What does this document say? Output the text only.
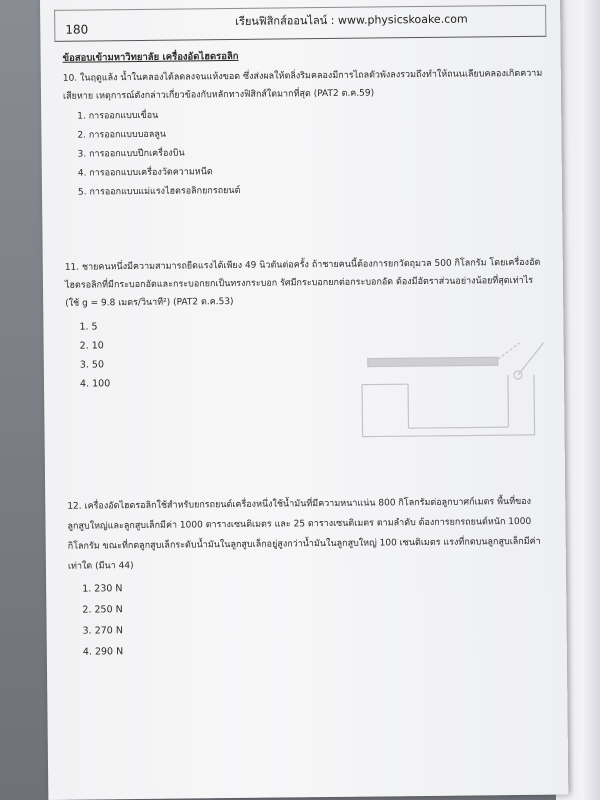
180
เรียนฟิสิกส์ออนไลน์ : www.physicskoake.com
ข้อสอบเข้ามหาวิทยาลัย เครื่องอัดไฮดรอลิก
10. ในฤดูแล้ง น้ำในคลองได้ลดลงจนแห้งขอด ซึ่งส่งผลให้ตลิ่งริมคลองมีการไถลตัวพังลงรวมถึงทำให้ถนนเลียบคลองเกิดความเสียหาย เหตุการณ์ดังกล่าวเกี่ยวข้องกับหลักทางฟิสิกส์ใดมากที่สุด (PAT2 ต.ค.59)
1. การออกแบบเขื่อน
2. การออกแบบบอลลูน
3. การออกแบบปีกเครื่องบิน
4. การออกแบบเครื่องวัดความหนืด
5. การออกแบบแม่แรงไฮดรอลิกยกรถยนต์
11. ชายคนหนึ่งมีความสามารถยืดแรงได้เพียง 49 นิวตันต่อครั้ง ถ้าชายคนนี้ต้องการยกวัตถุมวล 500 กิโลกรัม โดยเครื่องอัดไฮดรอลิกที่มีกระบอกอัดและกระบอกยกเป็นทรงกระบอก รัศมีกระบอกยกต่อกระบอกอัด ต้องมีอัตราส่วนอย่างน้อยที่สุดเท่าไร (ใช้ g = 9.8 เมตร/วินาที²) (PAT2 ต.ค.53)
1. 5
2. 10
3. 50
4. 100
12. เครื่องอัดไฮดรอลิกใช้สำหรับยกรถยนต์เครื่องหนึ่งใช้น้ำมันที่มีความหนาแน่น 800 กิโลกรัมต่อลูกบาศก์เมตร พื้นที่ของลูกสูบใหญ่และลูกสูบเล็กมีค่า 1000 ตารางเซนติเมตร และ 25 ตารางเซนติเมตร ตามลำดับ ต้องการยกรถยนต์หนัก 1000 กิโลกรัม ขณะที่กดลูกสูบเล็กระดับน้ำมันในลูกสูบเล็กอยู่สูงกว่าน้ำมันในลูกสูบใหญ่ 100 เซนติเมตร แรงที่กดบนลูกสูบเล็กมีค่าเท่าใด (มีนา 44)
1. 230 N
2. 250 N
3. 270 N
4. 290 N
